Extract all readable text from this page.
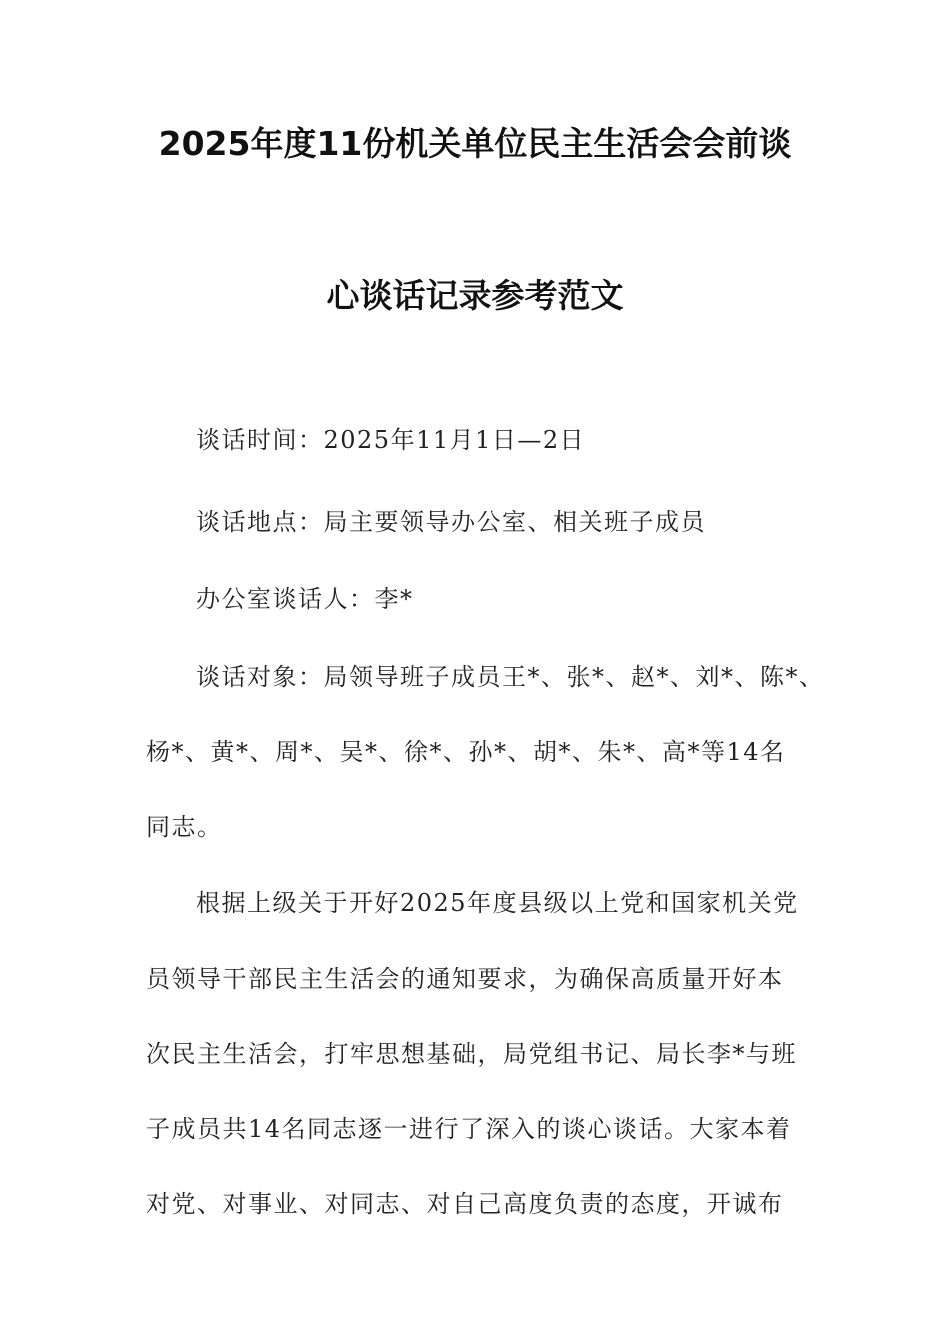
2025年度11份机关单位民主生活会会前谈
心谈话记录参考范文
谈话时间：2025年11月1日—2日
谈话地点：局主要领导办公室、相关班子成员
办公室谈话人：李*
谈话对象：局领导班子成员王*、张*、赵*、刘*、陈*、
杨*、黄*、周*、吴*、徐*、孙*、胡*、朱*、高*等14名
同志。
根据上级关于开好2025年度县级以上党和国家机关党
员领导干部民主生活会的通知要求，为确保高质量开好本
次民主生活会，打牢思想基础，局党组书记、局长李*与班
子成员共14名同志逐一进行了深入的谈心谈话。大家本着
对党、对事业、对同志、对自己高度负责的态度，开诚布
